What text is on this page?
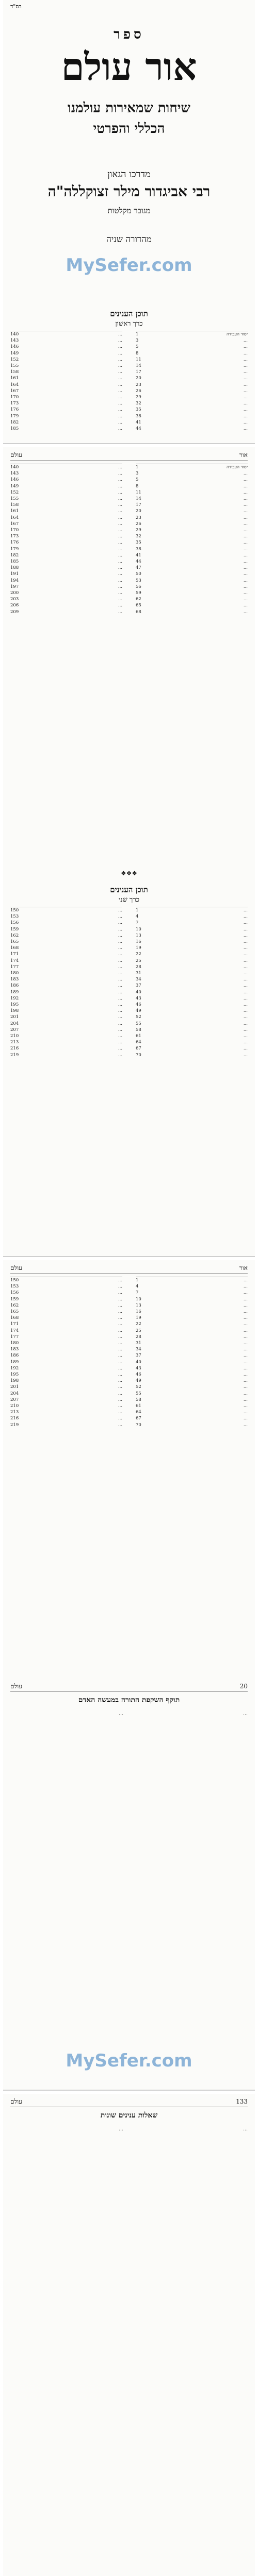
בס"ד
ספר
אור עולם
שיחות שמאירות עולמנו
הכללי והפרטי
מדרכו הגאון
רבי אביגדור מילר זצוקללה"ה
מגובר מקלטות
מהדורה שניה
MySefer.com
תוכן הענינים
כרך ראשון
יסוד העבודה
1
...
3
...
5
...
8
...
11
...
14
...
17
...
20
...
23
...
26
...
29
...
32
...
35
...
38
...
41
...
44
...
140
...
143
...
146
...
149
...
152
...
155
...
158
...
161
...
164
...
167
...
170
...
173
...
176
...
179
...
182
...
185
אור
עולם
יסוד העבודה
1
...
3
...
5
...
8
...
11
...
14
...
17
...
20
...
23
...
26
...
29
...
32
...
35
...
38
...
41
...
44
...
47
...
50
...
53
...
56
...
59
...
62
...
65
...
68
...
140
...
143
...
146
...
149
...
152
...
155
...
158
...
161
...
164
...
167
...
170
...
173
...
176
...
179
...
182
...
185
...
188
...
191
...
194
...
197
...
200
...
203
...
206
...
209
❖❖❖
תוכן הענינים
כרך שני
...
1
...
4
...
7
...
10
...
13
...
16
...
19
...
22
...
25
...
28
...
31
...
34
...
37
...
40
...
43
...
46
...
49
...
52
...
55
...
58
...
61
...
64
...
67
...
70
...
150
...
153
...
156
...
159
...
162
...
165
...
168
...
171
...
174
...
177
...
180
...
183
...
186
...
189
...
192
...
195
...
198
...
201
...
204
...
207
...
210
...
213
...
216
...
219
אור
עולם
...
1
...
4
...
7
...
10
...
13
...
16
...
19
...
22
...
25
...
28
...
31
...
34
...
37
...
40
...
43
...
46
...
49
...
52
...
55
...
58
...
61
...
64
...
67
...
70
...
150
...
153
...
156
...
159
...
162
...
165
...
168
...
171
...
174
...
177
...
180
...
183
...
186
...
189
...
192
...
195
...
198
...
201
...
204
...
207
...
210
...
213
...
216
...
219
20
עולם
תוקף השקפת התורה במעשה האדם
...
...
133
עולם
שאלות ענינים שונות
...
...
MySefer.com
